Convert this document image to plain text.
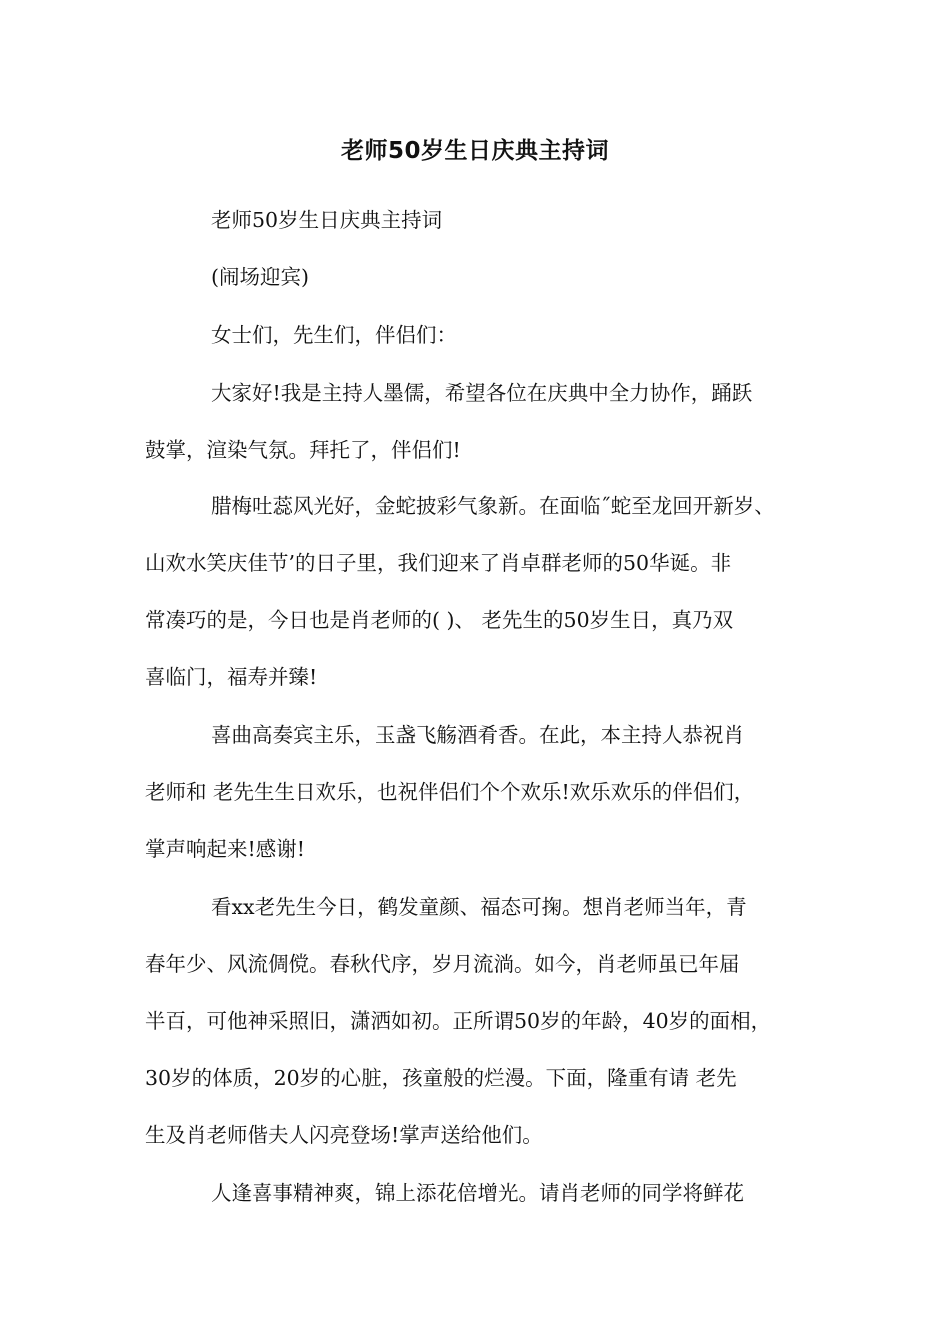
老师50岁生日庆典主持词

老师50岁生日庆典主持词

(闹场迎宾)

女士们，先生们，伴侣们：

大家好!我是主持人墨儒，希望各位在庆典中全力协作，踊跃
鼓掌，渲染气氛。拜托了，伴侣们!

腊梅吐蕊风光好，金蛇披彩气象新。在面临˝蛇至龙回开新岁、
山欢水笑庆佳节’的日子里，我们迎来了肖卓群老师的50华诞。非
常凑巧的是，今日也是肖老师的( )、 老先生的50岁生日，真乃双
喜临门，福寿并臻!

喜曲高奏宾主乐，玉盏飞觞酒肴香。在此，本主持人恭祝肖
老师和 老先生生日欢乐，也祝伴侣们个个欢乐!欢乐欢乐的伴侣们，
掌声响起来!感谢!

看xx老先生今日，鹤发童颜、福态可掬。想肖老师当年，青
春年少、风流倜傥。春秋代序，岁月流淌。如今，肖老师虽已年届
半百，可他神采照旧，潇洒如初。正所谓50岁的年龄，40岁的面相，
30岁的体质，20岁的心脏，孩童般的烂漫。下面，隆重有请 老先
生及肖老师偕夫人闪亮登场!掌声送给他们。

人逢喜事精神爽，锦上添花倍增光。请肖老师的同学将鲜花
